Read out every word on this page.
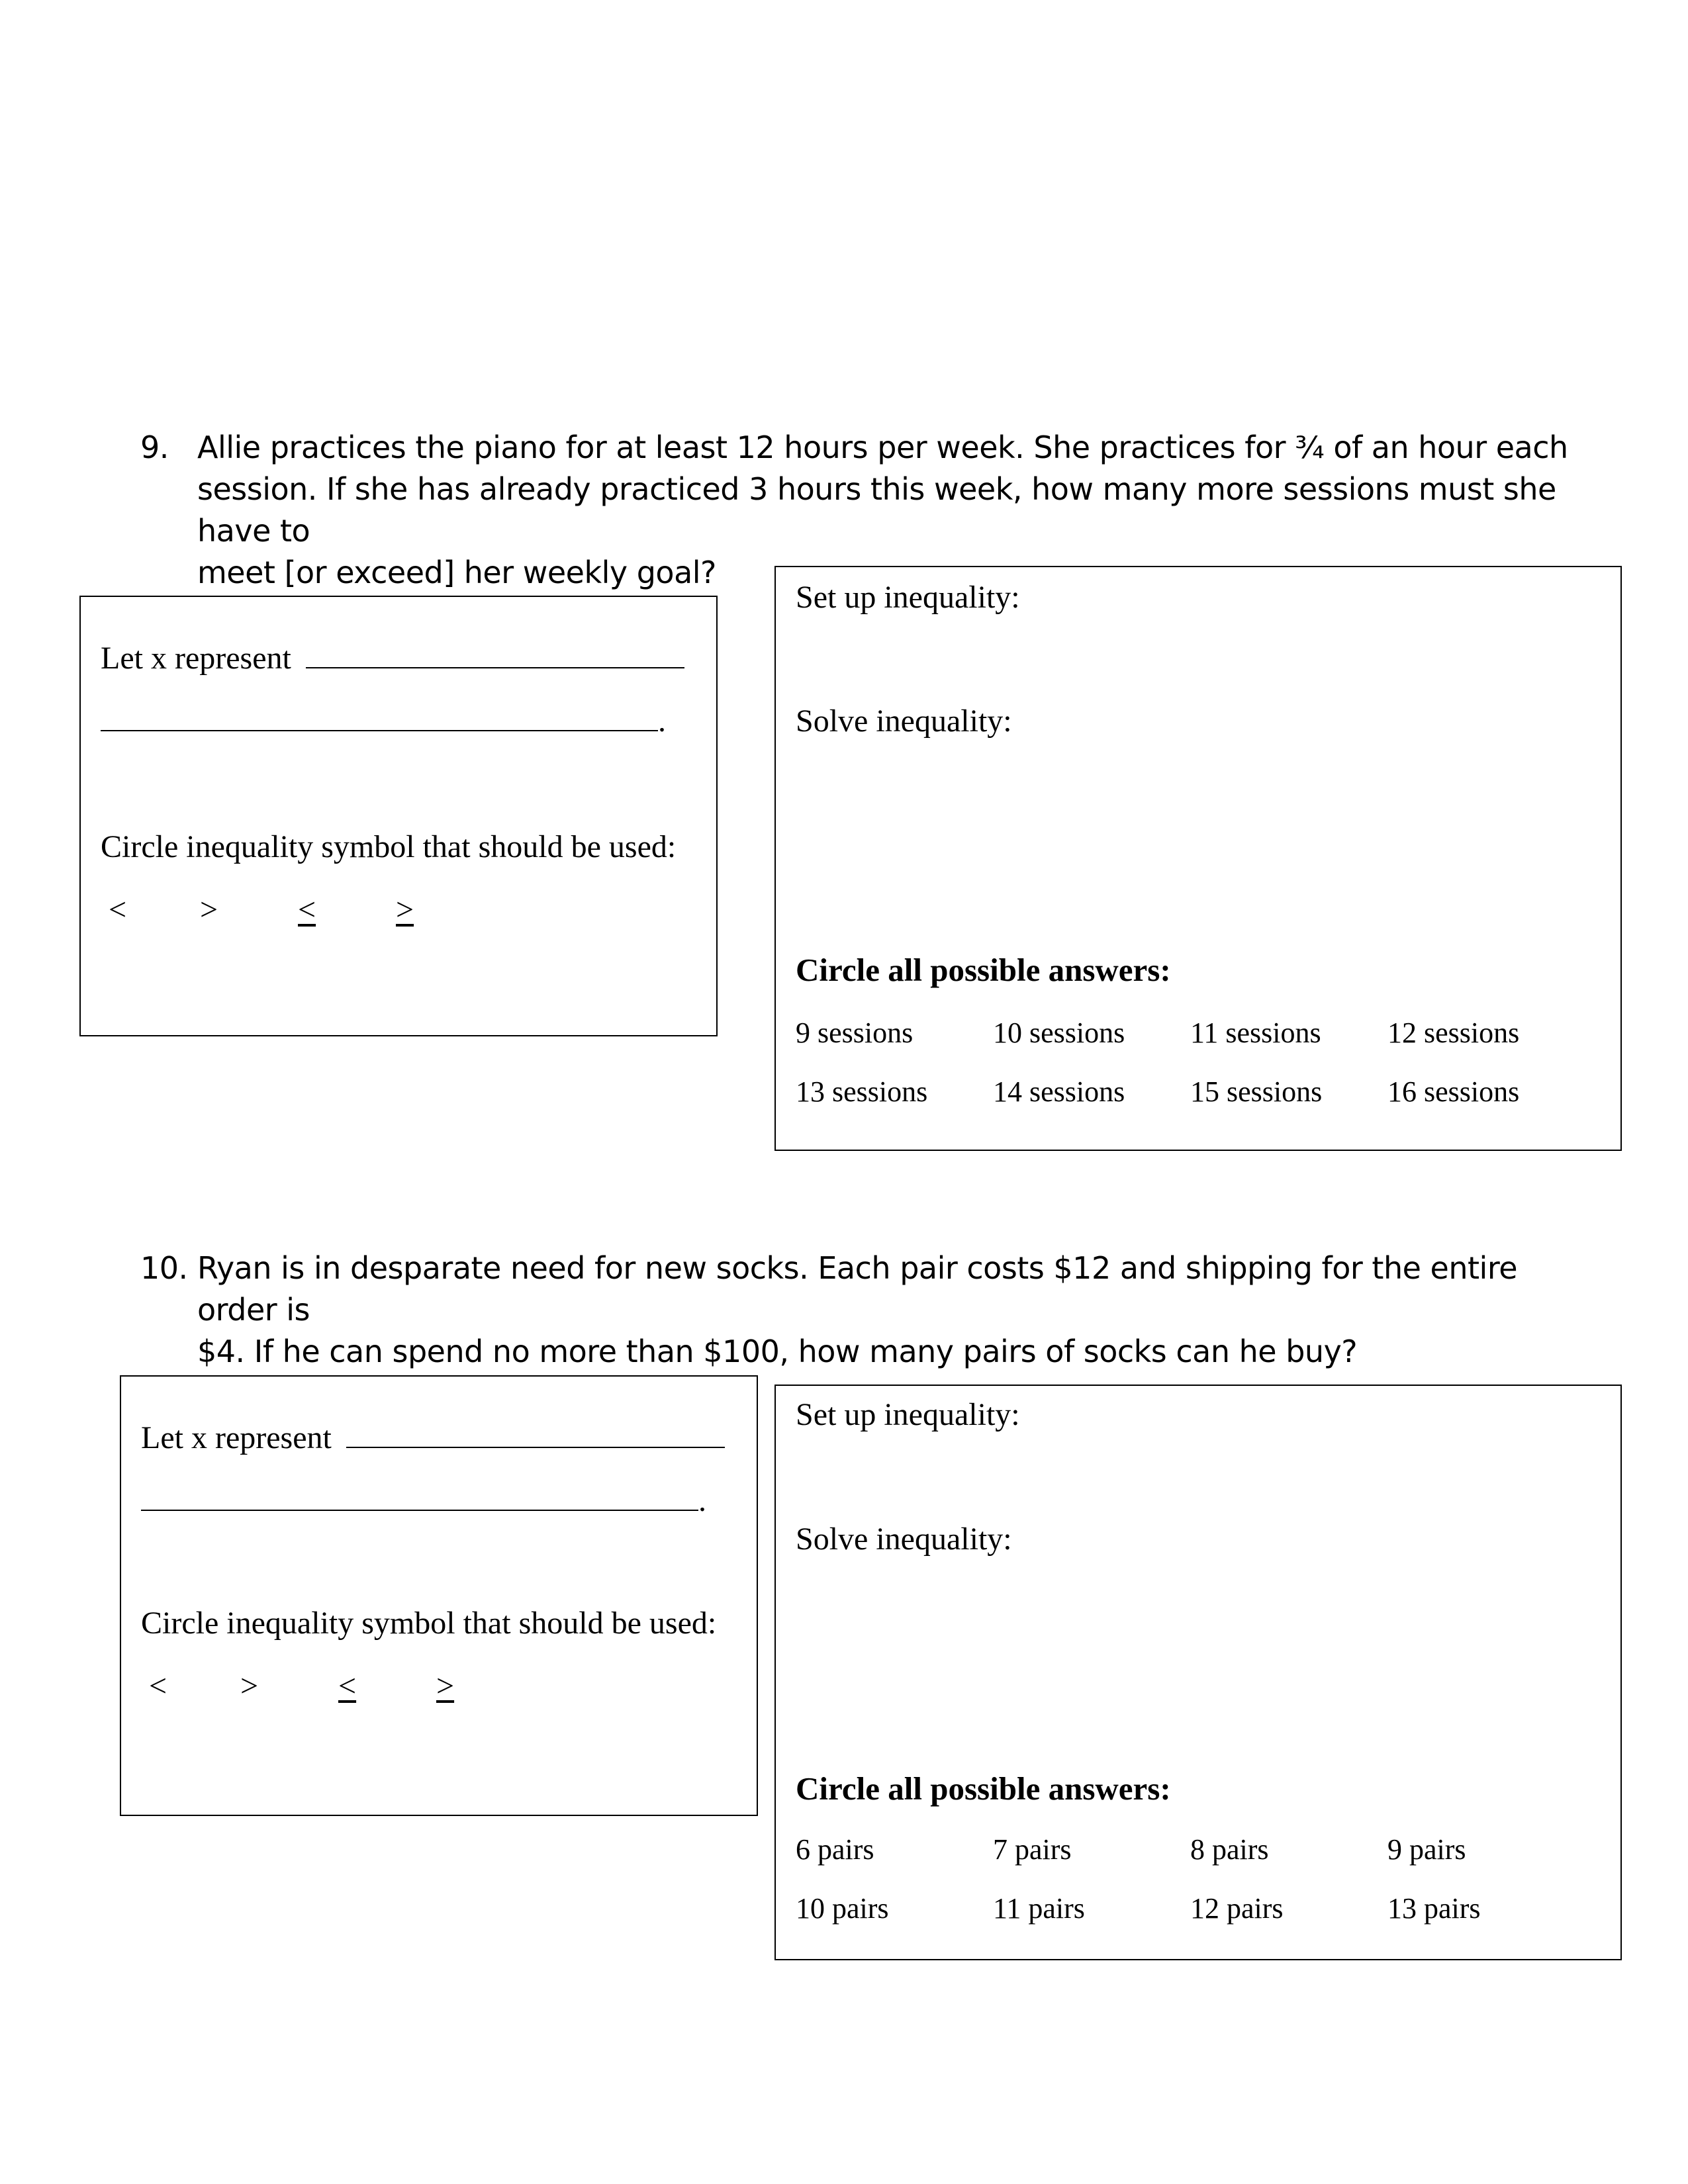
9. Allie practices the piano for at least 12 hours per week. She practices for ¾ of an hour each
session. If she has already practiced 3 hours this week, how many more sessions must she have to
meet [or exceed] her weekly goal?

Let x represent
.
Circle inequality symbol that should be used:
< >	<	>
Set up inequality:
Solve inequality:
Circle all possible answers:
9 sessions	10 sessions 11 sessions 12 sessions
13 sessions 14 sessions 15 sessions 16 sessions

10. Ryan is in desparate need for new socks. Each pair costs $12 and shipping for the entire order is
$4. If he can spend no more than $100, how many pairs of socks can he buy?

Let x represent
.
Circle inequality symbol that should be used:
< >	<	>
Set up inequality:
Solve inequality:
Circle all possible answers:
6 pairs	7 pairs	8 pairs	9 pairs
10 pairs	11 pairs	12 pairs	13 pairs
